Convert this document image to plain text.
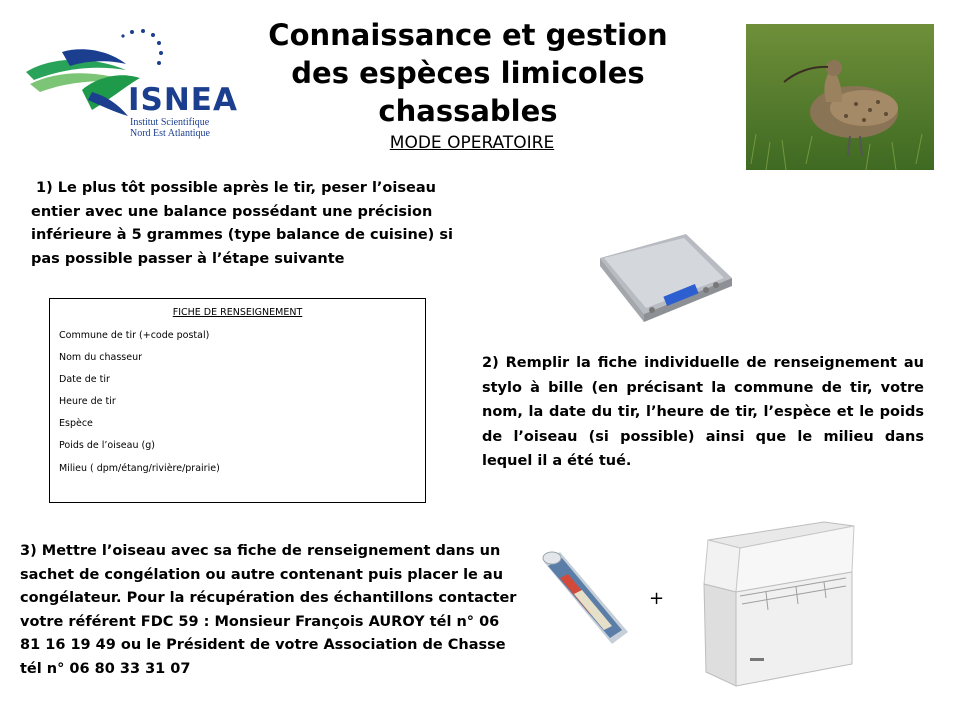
ISNEA
Institut Scientifique
Nord Est Atlantique
Connaissance et gestion
des espèces limicoles
chassables
MODE OPERATOIRE

1) Le plus tôt possible après le tir, peser l’oiseau

entier avec une balance possédant une précision

inférieure à 5 grammes (type balance de cuisine) si

pas possible passer à l’étape suivante

FICHE DE RENSEIGNEMENT
Commune de tir (+code postal)
Nom du chasseur
Date de tir
Heure de tir
Espèce
Poids de l’oiseau (g)
Milieu ( dpm/étang/rivière/prairie)
2) Remplir la fiche individuelle de renseignement au stylo à bille (en précisant la commune de tir, votre nom, la date du tir, l’heure de tir, l’espèce et le poids de l’oiseau (si possible) ainsi que le milieu dans lequel il a été tué.

3) Mettre l’oiseau avec sa fiche de renseignement dans un

sachet de congélation ou autre contenant puis placer le au

congélateur. Pour la récupération des échantillons contacter

votre référent FDC 59 : Monsieur François AUROY tél n° 06

81 16 19 49 ou le Président de votre Association de Chasse

tél n° 06 80 33 31 07

+
